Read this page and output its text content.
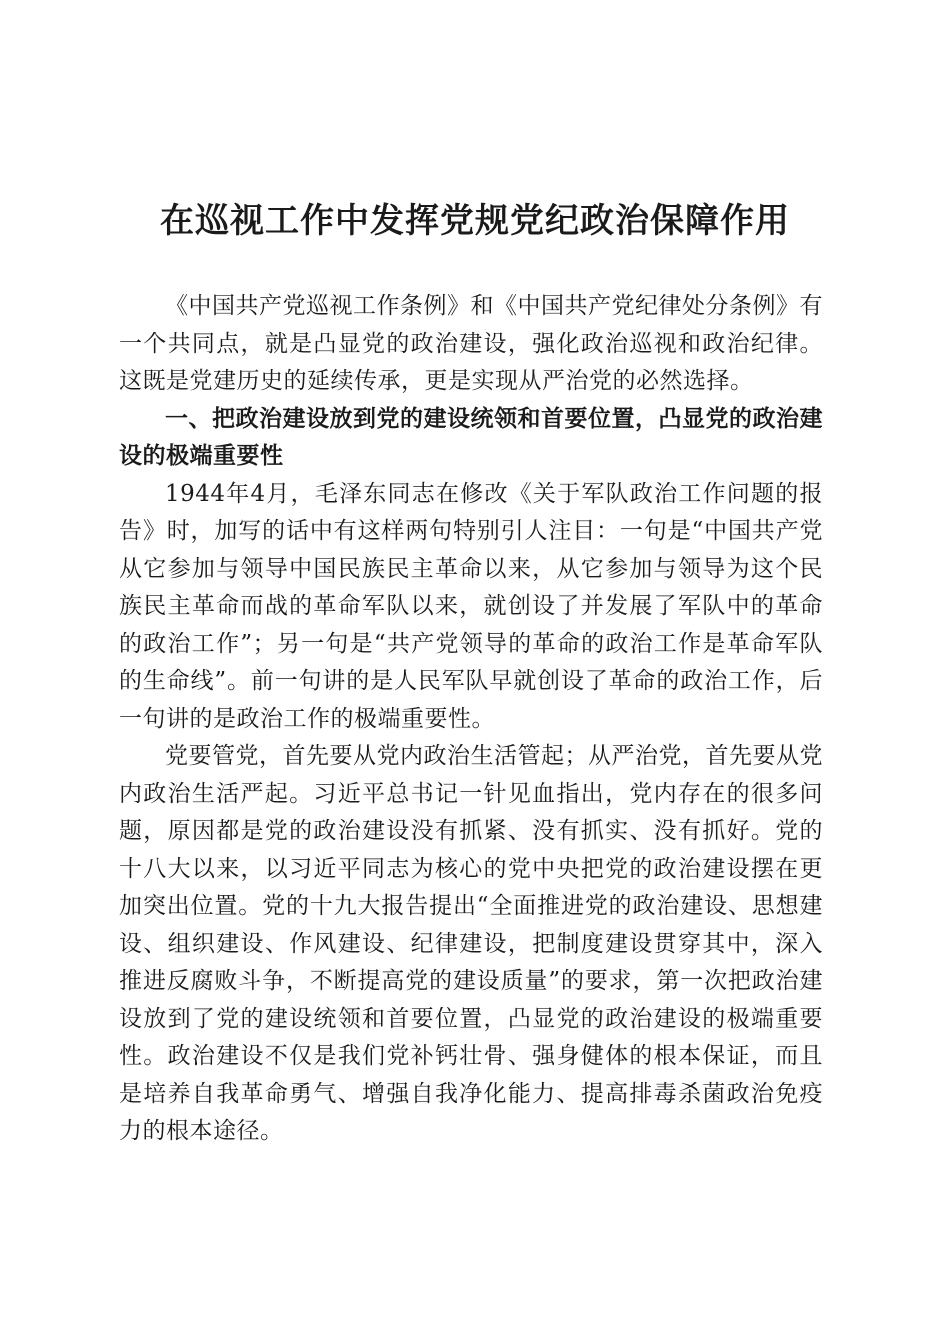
在巡视工作中发挥党规党纪政治保障作用

《中国共产党巡视工作条例》和《中国共产党纪律处分条例》有一个共同点，就是凸显党的政治建设，强化政治巡视和政治纪律。这既是党建历史的延续传承，更是实现从严治党的必然选择。

一、把政治建设放到党的建设统领和首要位置，凸显党的政治建设的极端重要性

1944年4月，毛泽东同志在修改《关于军队政治工作问题的报告》时，加写的话中有这样两句特别引人注目：一句是“中国共产党从它参加与领导中国民族民主革命以来，从它参加与领导为这个民族民主革命而战的革命军队以来，就创设了并发展了军队中的革命的政治工作”；另一句是“共产党领导的革命的政治工作是革命军队的生命线”。前一句讲的是人民军队早就创设了革命的政治工作，后一句讲的是政治工作的极端重要性。

党要管党，首先要从党内政治生活管起；从严治党，首先要从党内政治生活严起。习近平总书记一针见血指出，党内存在的很多问题，原因都是党的政治建设没有抓紧、没有抓实、没有抓好。党的十八大以来，以习近平同志为核心的党中央把党的政治建设摆在更加突出位置。党的十九大报告提出“全面推进党的政治建设、思想建设、组织建设、作风建设、纪律建设，把制度建设贯穿其中，深入推进反腐败斗争，不断提高党的建设质量”的要求，第一次把政治建设放到了党的建设统领和首要位置，凸显党的政治建设的极端重要性。政治建设不仅是我们党补钙壮骨、强身健体的根本保证，而且是培养自我革命勇气、增强自我净化能力、提高排毒杀菌政治免疫力的根本途径。
